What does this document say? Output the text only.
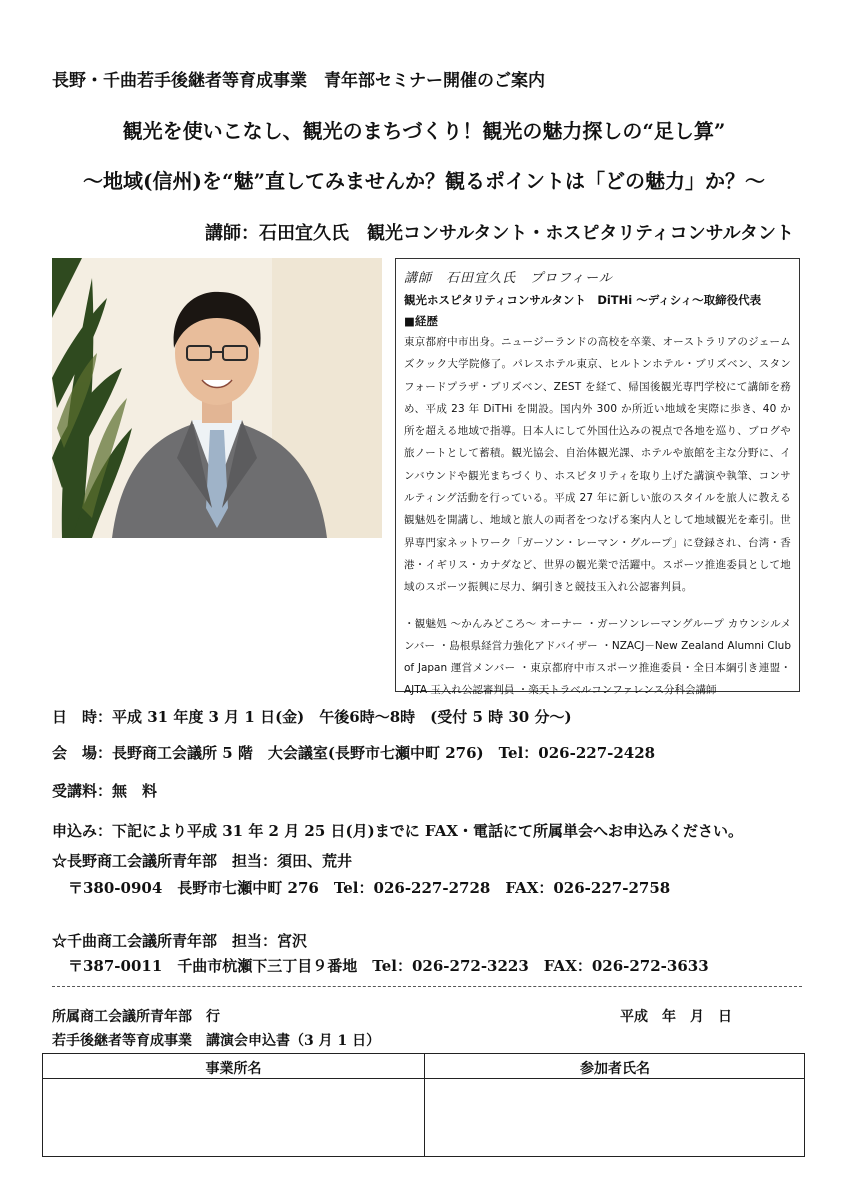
長野・千曲若手後継者等育成事業　青年部セミナー開催のご案内
観光を使いこなし、観光のまちづくり！観光の魅力探しの“足し算”
～地域(信州)を“魅”直してみませんか？観るポイントは「どの魅力」か？～
講師：石田宜久氏　観光コンサルタント・ホスピタリティコンサルタント
講師　石田宜久氏　プロフィール
観光ホスピタリティコンサルタント　DiTHi ～ディシィ～取締役代表
■経歴
東京都府中市出身。ニュージーランドの高校を卒業、オーストラリアのジェームズクック大学院修了。パレスホテル東京、ヒルトンホテル・ブリズベン、スタンフォードプラザ・ブリズベン、ZEST を経て、帰国後観光専門学校にて講師を務め、平成 23 年 DiTHi を開設。国内外 300 か所近い地域を実際に歩き、40 か所を超える地域で指導。日本人にして外国仕込みの視点で各地を巡り、ブログや旅ノートとして蓄積。観光協会、自治体観光課、ホテルや旅館を主な分野に、インバウンドや観光まちづくり、ホスピタリティを取り上げた講演や執筆、コンサルティング活動を行っている。平成 27 年に新しい旅のスタイルを旅人に教える観魅処を開講し、地域と旅人の両者をつなげる案内人として地域観光を牽引。世界専門家ネットワーク「ガーソン・レーマン・グループ」に登録され、台湾・香港・イギリス・カナダなど、世界の観光業で活躍中。スポーツ推進委員として地域のスポーツ振興に尽力、綱引きと競技玉入れ公認審判員。
・観魅処 ～かんみどころ～ オーナー ・ガーソンレーマングループ カウンシルメンバー ・島根県経営力強化アドバイザー ・NZACJ－New Zealand Alumni Club of Japan 運営メンバー ・東京都府中市スポーツ推進委員・全日本綱引き連盟・AJTA 玉入れ公認審判員 ・楽天トラベルコンファレンス分科会講師
日　時：平成 31 年度 3 月 1 日(金)　午後6時～8時　(受付 5 時 30 分～)
会　場：長野商工会議所 5 階　大会議室(長野市七瀬中町 276)　Tel：026-227-2428
受講料：無　料
申込み：下記により平成 31 年 2 月 25 日(月)までに FAX・電話にて所属単会へお申込みください。
☆長野商工会議所青年部　担当：須田、荒井
〒380-0904　長野市七瀬中町 276　Tel：026-227-2728　FAX：026-227-2758
☆千曲商工会議所青年部　担当：宮沢
〒387-0011　千曲市杭瀬下三丁目９番地　Tel：026-272-3223　FAX：026-272-3633
所属商工会議所青年部　行	平成　年　月　日
若手後継者等育成事業　講演会申込書（3 月 1 日）
事業所名	参加者氏名
